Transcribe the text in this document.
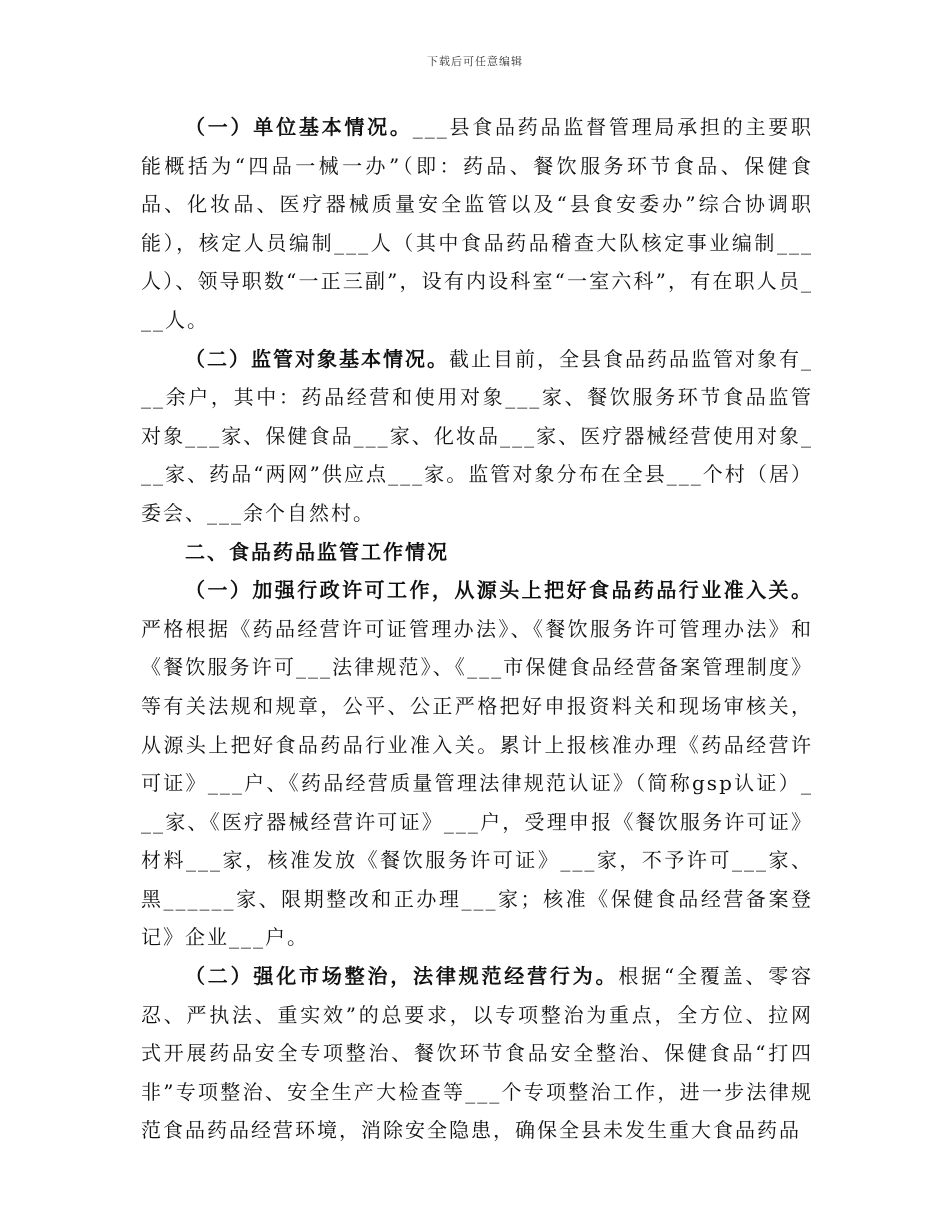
下载后可任意编辑

（一）单位基本情况。___县食品药品监督管理局承担的主要职能概括为“四品一械一办”（即：药品、餐饮服务环节食品、保健食品、化妆品、医疗器械质量安全监管以及“县食安委办”综合协调职能），核定人员编制___人（其中食品药品稽查大队核定事业编制___人）、领导职数“一正三副”，设有内设科室“一室六科”，有在职人员___人。

（二）监管对象基本情况。截止目前，全县食品药品监管对象有___余户，其中：药品经营和使用对象___家、餐饮服务环节食品监管对象___家、保健食品___家、化妆品___家、医疗器械经营使用对象___家、药品“两网”供应点___家。监管对象分布在全县___个村（居）委会、___余个自然村。

二、食品药品监管工作情况

（一）加强行政许可工作，从源头上把好食品药品行业准入关。严格根据《药品经营许可证管理办法》、《餐饮服务许可管理办法》和《餐饮服务许可___法律规范》、《___市保健食品经营备案管理制度》等有关法规和规章，公平、公正严格把好申报资料关和现场审核关，从源头上把好食品药品行业准入关。累计上报核准办理《药品经营许可证》___户、《药品经营质量管理法律规范认证》（简称gsp认证）___家、《医疗器械经营许可证》___户，受理申报《餐饮服务许可证》材料___家，核准发放《餐饮服务许可证》___家，不予许可___家、黑______家、限期整改和正办理___家；核准《保健食品经营备案登记》企业___户。

（二）强化市场整治，法律规范经营行为。根据“全覆盖、零容忍、严执法、重实效”的总要求，以专项整治为重点，全方位、拉网式开展药品安全专项整治、餐饮环节食品安全整治、保健食品“打四非”专项整治、安全生产大检查等___个专项整治工作，进一步法律规范食品药品经营环境，消除安全隐患，确保全县未发生重大食品药品
